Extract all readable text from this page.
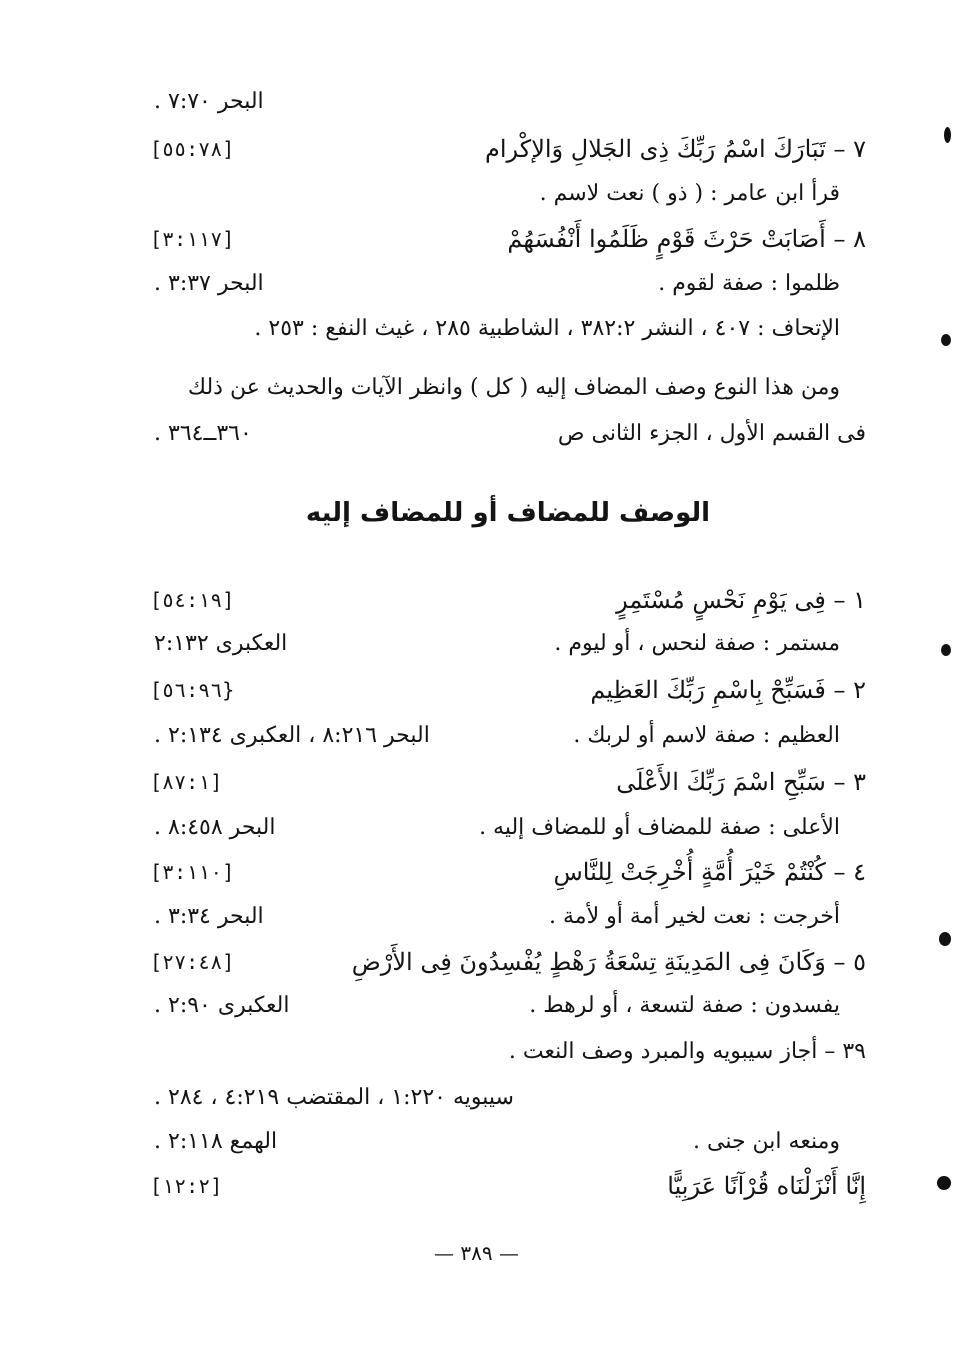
البحر ٧:٧٠ .
٧ – تَبَارَكَ اسْمُ رَبِّكَ ذِى الجَلالِ وَالإكْرام
[٥٥:٧٨]
قرأ ابن عامر : ( ذو ) نعت لاسم .
٨ – أَصَابَتْ حَرْثَ قَوْمٍ ظَلَمُوا أَنْفُسَهُمْ
[٣:١١٧]
ظلموا : صفة لقوم .
البحر ٣:٣٧ .
الإتحاف : ٤٠٧ ، النشر ٣٨٢:٢ ، الشاطبية ٢٨٥ ، غيث النفع : ٢٥٣ .
ومن هذا النوع وصف المضاف إليه ( كل ) وانظر الآيات والحديث عن ذلك
فى القسم الأول ، الجزء الثانى ص
٣٦٠ــ٣٦٤ .
الوصف للمضاف أو للمضاف إليه
١ – فِى يَوْمِ نَحْسٍ مُسْتَمِرٍ
[٥٤:١٩]
مستمر : صفة لنحس ، أو ليوم .
العكبرى ٢:١٣٢
٢ – فَسَبِّحْ بِاسْمِ رَبِّكَ العَظِيم
[٥٦:٩٦}
العظيم : صفة لاسم أو لربك .
البحر ٨:٢١٦ ، العكبرى ٢:١٣٤ .
٣ – سَبِّحِ اسْمَ رَبِّكَ الأَعْلَى
[٨٧:١]
الأعلى : صفة للمضاف أو للمضاف إليه .
البحر ٨:٤٥٨ .
٤ – كُنْتُمْ خَيْرَ أُمَّةٍ أُخْرِجَتْ لِلنَّاسِ
[٣:١١٠]
أخرجت : نعت لخير أمة أو لأمة .
البحر ٣:٣٤ .
٥ – وَكَانَ فِى المَدِينَةِ تِسْعَةُ رَهْطٍ يُفْسِدُونَ فِى الأَرْضِ
[٢٧:٤٨]
يفسدون : صفة لتسعة ، أو لرهط .
العكبرى ٢:٩٠ .
٣٩ – أجاز سيبويه والمبرد وصف النعت .
سيبويه ١:٢٢٠ ، المقتضب ٤:٢١٩ ، ٢٨٤ .
ومنعه ابن جنى .
الهمع ٢:١١٨ .
إِنَّا أَنْزَلْنَاه قُرْآنًا عَرَبِيًّا
[١٢:٢]
— ٣٨٩ —
